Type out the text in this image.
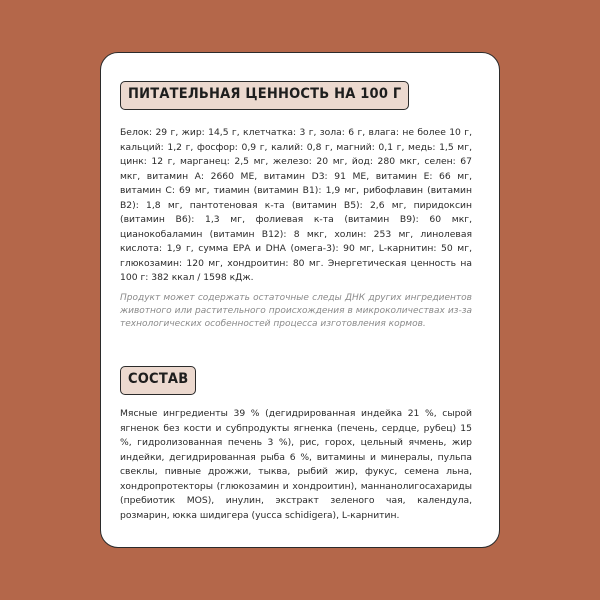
ПИТАТЕЛЬНАЯ ЦЕННОСТЬ НА 100 Г

Белок: 29 г, жир: 14,5 г, клетчатка: 3 г, зола: 6 г, влага: не более 10 г, кальций: 1,2 г, фосфор: 0,9 г, калий: 0,8 г, магний: 0,1 г, медь: 1,5 мг, цинк: 12 г, марганец: 2,5 мг, железо: 20 мг, йод: 280 мкг, селен: 67 мкг, витамин А: 2660 МЕ, витамин D3: 91 МЕ, витамин Е: 66 мг, витамин С: 69 мг, тиамин (витамин В1): 1,9 мг, рибофлавин (витамин В2): 1,8 мг, пантотеновая к-та (витамин В5): 2,6 мг, пиридоксин (витамин В6): 1,3 мг, фолиевая к-та (витамин В9): 60 мкг, цианокобаламин (витамин В12): 8 мкг, холин: 253 мг, линолевая кислота: 1,9 г, сумма ЕРА и DHA (омега-3): 90 мг, L-карнитин: 50 мг, глюкозамин: 120 мг, хондроитин: 80 мг. Энергетическая ценность на 100 г: 382 ккал / 1598 кДж.

Продукт может содержать остаточные следы ДНК других ингредиентов животного или растительного происхождения в микроколичествах из-за технологических особенностей процесса изготовления кормов.

СОСТАВ

Мясные ингредиенты 39 % (дегидрированная индейка 21 %, сырой ягненок без кости и субпродукты ягненка (печень, сердце, рубец) 15 %, гидролизованная печень 3 %), рис, горох, цельный ячмень, жир индейки, дегидрированная рыба 6 %, витамины и минералы, пульпа свеклы, пивные дрожжи, тыква, рыбий жир, фукус, семена льна, хондропротекторы (глюкозамин и хондроитин), маннанолигосахариды (пребиотик MOS), инулин, экстракт зеленого чая, календула, розмарин, юкка шидигера (yucca schidigera), L-карнитин.
